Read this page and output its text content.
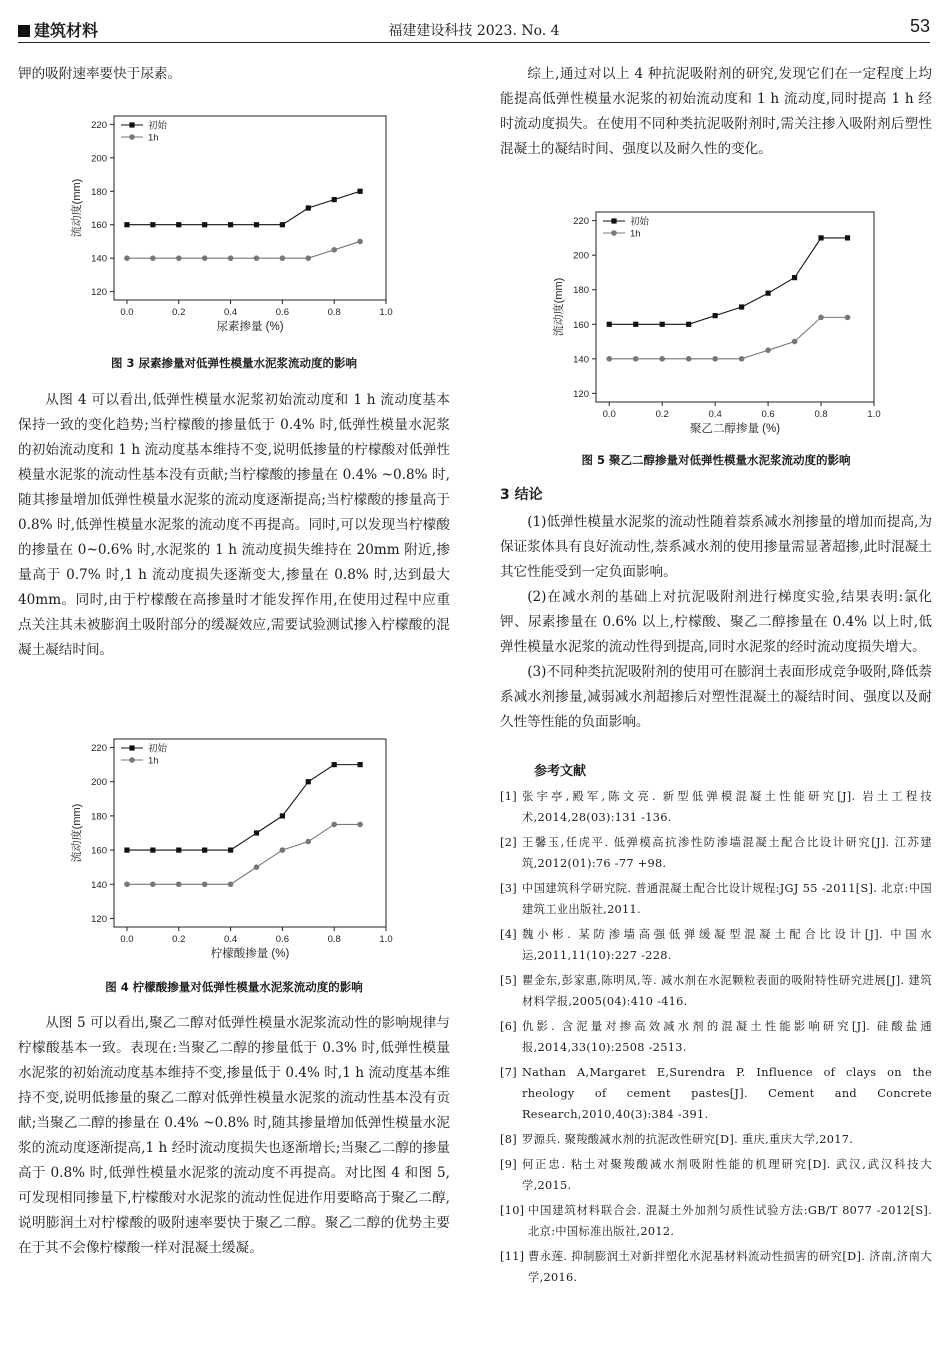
建筑材料	福建建设科技 2023. No. 4	53

钾的吸附速率要快于尿素。

从图 4 可以看出,低弹性模量水泥浆初始流动度和 1 h 流动度基本保持一致的变化趋势;当柠檬酸的掺量低于 0.4% 时,低弹性模量水泥浆的初始流动度和 1 h 流动度基本维持不变,说明低掺量的柠檬酸对低弹性模量水泥浆的流动性基本没有贡献;当柠檬酸的掺量在 0.4% ~0.8% 时,随其掺量增加低弹性模量水泥浆的流动度逐渐提高;当柠檬酸的掺量高于 0.8% 时,低弹性模量水泥浆的流动度不再提高。同时,可以发现当柠檬酸的掺量在 0~0.6% 时,水泥浆的 1 h 流动度损失维持在 20mm 附近,掺量高于 0.7% 时,1 h 流动度损失逐渐变大,掺量在 0.8% 时,达到最大 40mm。同时,由于柠檬酸在高掺量时才能发挥作用,在使用过程中应重点关注其未被膨润土吸附部分的缓凝效应,需要试验测试掺入柠檬酸的混凝土凝结时间。

从图 5 可以看出,聚乙二醇对低弹性模量水泥浆流动性的影响规律与柠檬酸基本一致。表现在:当聚乙二醇的掺量低于 0.3% 时,低弹性模量水泥浆的初始流动度基本维持不变,掺量低于 0.4% 时,1 h 流动度基本维持不变,说明低掺量的聚乙二醇对低弹性模量水泥浆的流动性基本没有贡献;当聚乙二醇的掺量在 0.4% ~0.8% 时,随其掺量增加低弹性模量水泥浆的流动度逐渐提高,1 h 经时流动度损失也逐渐增长;当聚乙二醇的掺量高于 0.8% 时,低弹性模量水泥浆的流动度不再提高。对比图 4 和图 5,可发现相同掺量下,柠檬酸对水泥浆的流动性促进作用要略高于聚乙二醇,说明膨润土对柠檬酸的吸附速率要快于聚乙二醇。聚乙二醇的优势主要在于其不会像柠檬酸一样对混凝土缓凝。

0.0	0.2	0.4	0.6	0.8	1.0
120
140
160
180
200
220
尿素掺量 (%)
流动度(mm)
初始
1h
图 3 尿素掺量对低弹性模量水泥浆流动度的影响
0.0	0.2	0.4	0.6	0.8	1.0
120
140
160
180
200
220
柠檬酸掺量 (%)
流动度(mm)
初始
1h
图 4 柠檬酸掺量对低弹性模量水泥浆流动度的影响
0.0	0.2	0.4	0.6	0.8	1.0
120
140
160
180
200
220
聚乙二醇掺量 (%)
流动度(mm)
初始
1h
图 5 聚乙二醇掺量对低弹性模量水泥浆流动度的影响

综上,通过对以上 4 种抗泥吸附剂的研究,发现它们在一定程度上均能提高低弹性模量水泥浆的初始流动度和 1 h 流动度,同时提高 1 h 经时流动度损失。在使用不同种类抗泥吸附剂时,需关注掺入吸附剂后塑性混凝土的凝结时间、强度以及耐久性的变化。

3 结论

(1)低弹性模量水泥浆的流动性随着萘系减水剂掺量的增加而提高,为保证浆体具有良好流动性,萘系减水剂的使用掺量需显著超掺,此时混凝土其它性能受到一定负面影响。

(2)在减水剂的基础上对抗泥吸附剂进行梯度实验,结果表明:氯化钾、尿素掺量在 0.6% 以上,柠檬酸、聚乙二醇掺量在 0.4% 以上时,低弹性模量水泥浆的流动性得到提高,同时水泥浆的经时流动度损失增大。

(3)不同种类抗泥吸附剂的使用可在膨润土表面形成竞争吸附,降低萘系减水剂掺量,减弱减水剂超掺后对塑性混凝土的凝结时间、强度以及耐久性等性能的负面影响。

参考文献
[1] 张宇亭,殿军,陈文亮. 新型低弹模混凝土性能研究[J]. 岩土工程技术,2014,28(03):131 -136.
[2] 王馨玉,任虎平. 低弹模高抗渗性防渗墙混凝土配合比设计研究[J]. 江苏建筑,2012(01):76 -77 +98.
[3] 中国建筑科学研究院. 普通混凝土配合比设计规程:JGJ 55 -2011[S]. 北京:中国建筑工业出版社,2011.
[4] 魏小彬. 某防渗墙高强低弹缓凝型混凝土配合比设计[J]. 中国水运,2011,11(10):227 -228.
[5] 瞿金东,彭家惠,陈明凤,等. 减水剂在水泥颗粒表面的吸附特性研究进展[J]. 建筑材料学报,2005(04):410 -416.
[6] 仇影. 含泥量对掺高效减水剂的混凝土性能影响研究[J]. 硅酸盐通报,2014,33(10):2508 -2513.
[7] Nathan A,Margaret E,Surendra P. Influence of clays on the rheology of cement pastes[J]. Cement and Concrete Research,2010,40(3):384 -391.
[8] 罗源兵. 聚羧酸减水剂的抗泥改性研究[D]. 重庆,重庆大学,2017.
[9] 何正忠. 粘土对聚羧酸减水剂吸附性能的机理研究[D]. 武汉,武汉科技大学,2015.
[10] 中国建筑材料联合会. 混凝土外加剂匀质性试验方法:GB/T 8077 -2012[S]. 北京:中国标准出版社,2012.
[11] 曹永莲. 抑制膨润土对新拌塑化水泥基材料流动性损害的研究[D]. 济南,济南大学,2016.
